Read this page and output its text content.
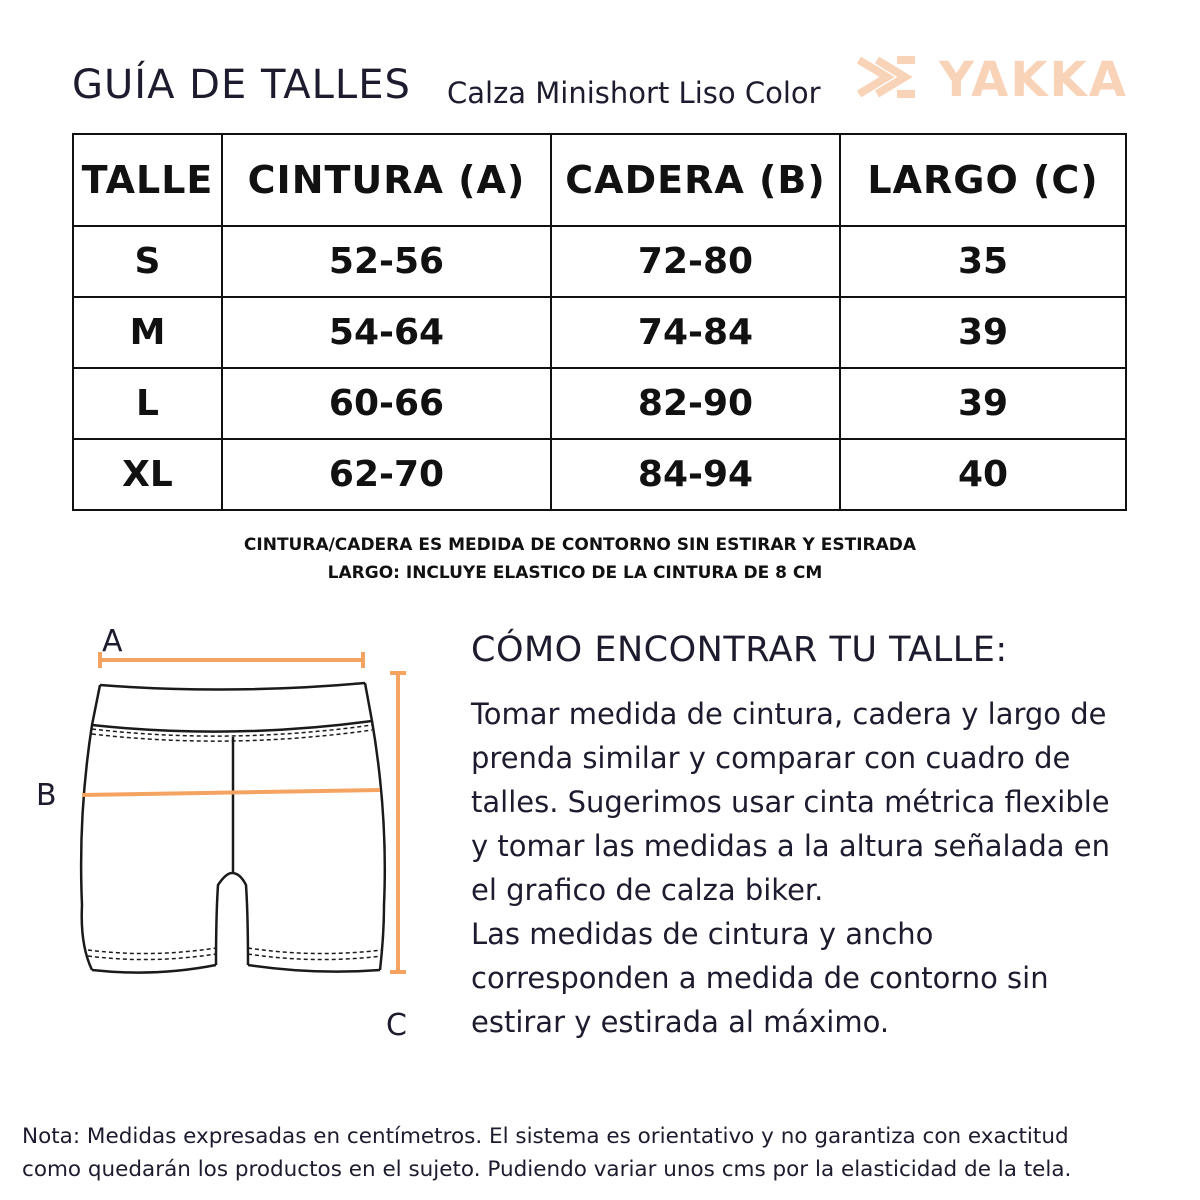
GUÍA DE TALLES Calza Minishort Liso Color YAKKA
TALLE	CINTURA (A)	CADERA (B)	LARGO (C)
S	52-56	72-80	35
M	54-64	74-84	39
L	60-66	82-90	39
XL	62-70	84-94	40
CINTURA/CADERA ES MEDIDA DE CONTORNO SIN ESTIRAR Y ESTIRADA
LARGO: INCLUYE ELASTICO DE LA CINTURA DE 8 CM
A
B
C
CÓMO ENCONTRAR TU TALLE:
Tomar medida de cintura, cadera y largo de
prenda similar y comparar con cuadro de
talles. Sugerimos usar cinta métrica flexible
y tomar las medidas a la altura señalada en
el grafico de calza biker.
Las medidas de cintura y ancho
corresponden a medida de contorno sin
estirar y estirada al máximo.
Nota: Medidas expresadas en centímetros. El sistema es orientativo y no garantiza con exactitud
como quedarán los productos en el sujeto. Pudiendo variar unos cms por la elasticidad de la tela.
